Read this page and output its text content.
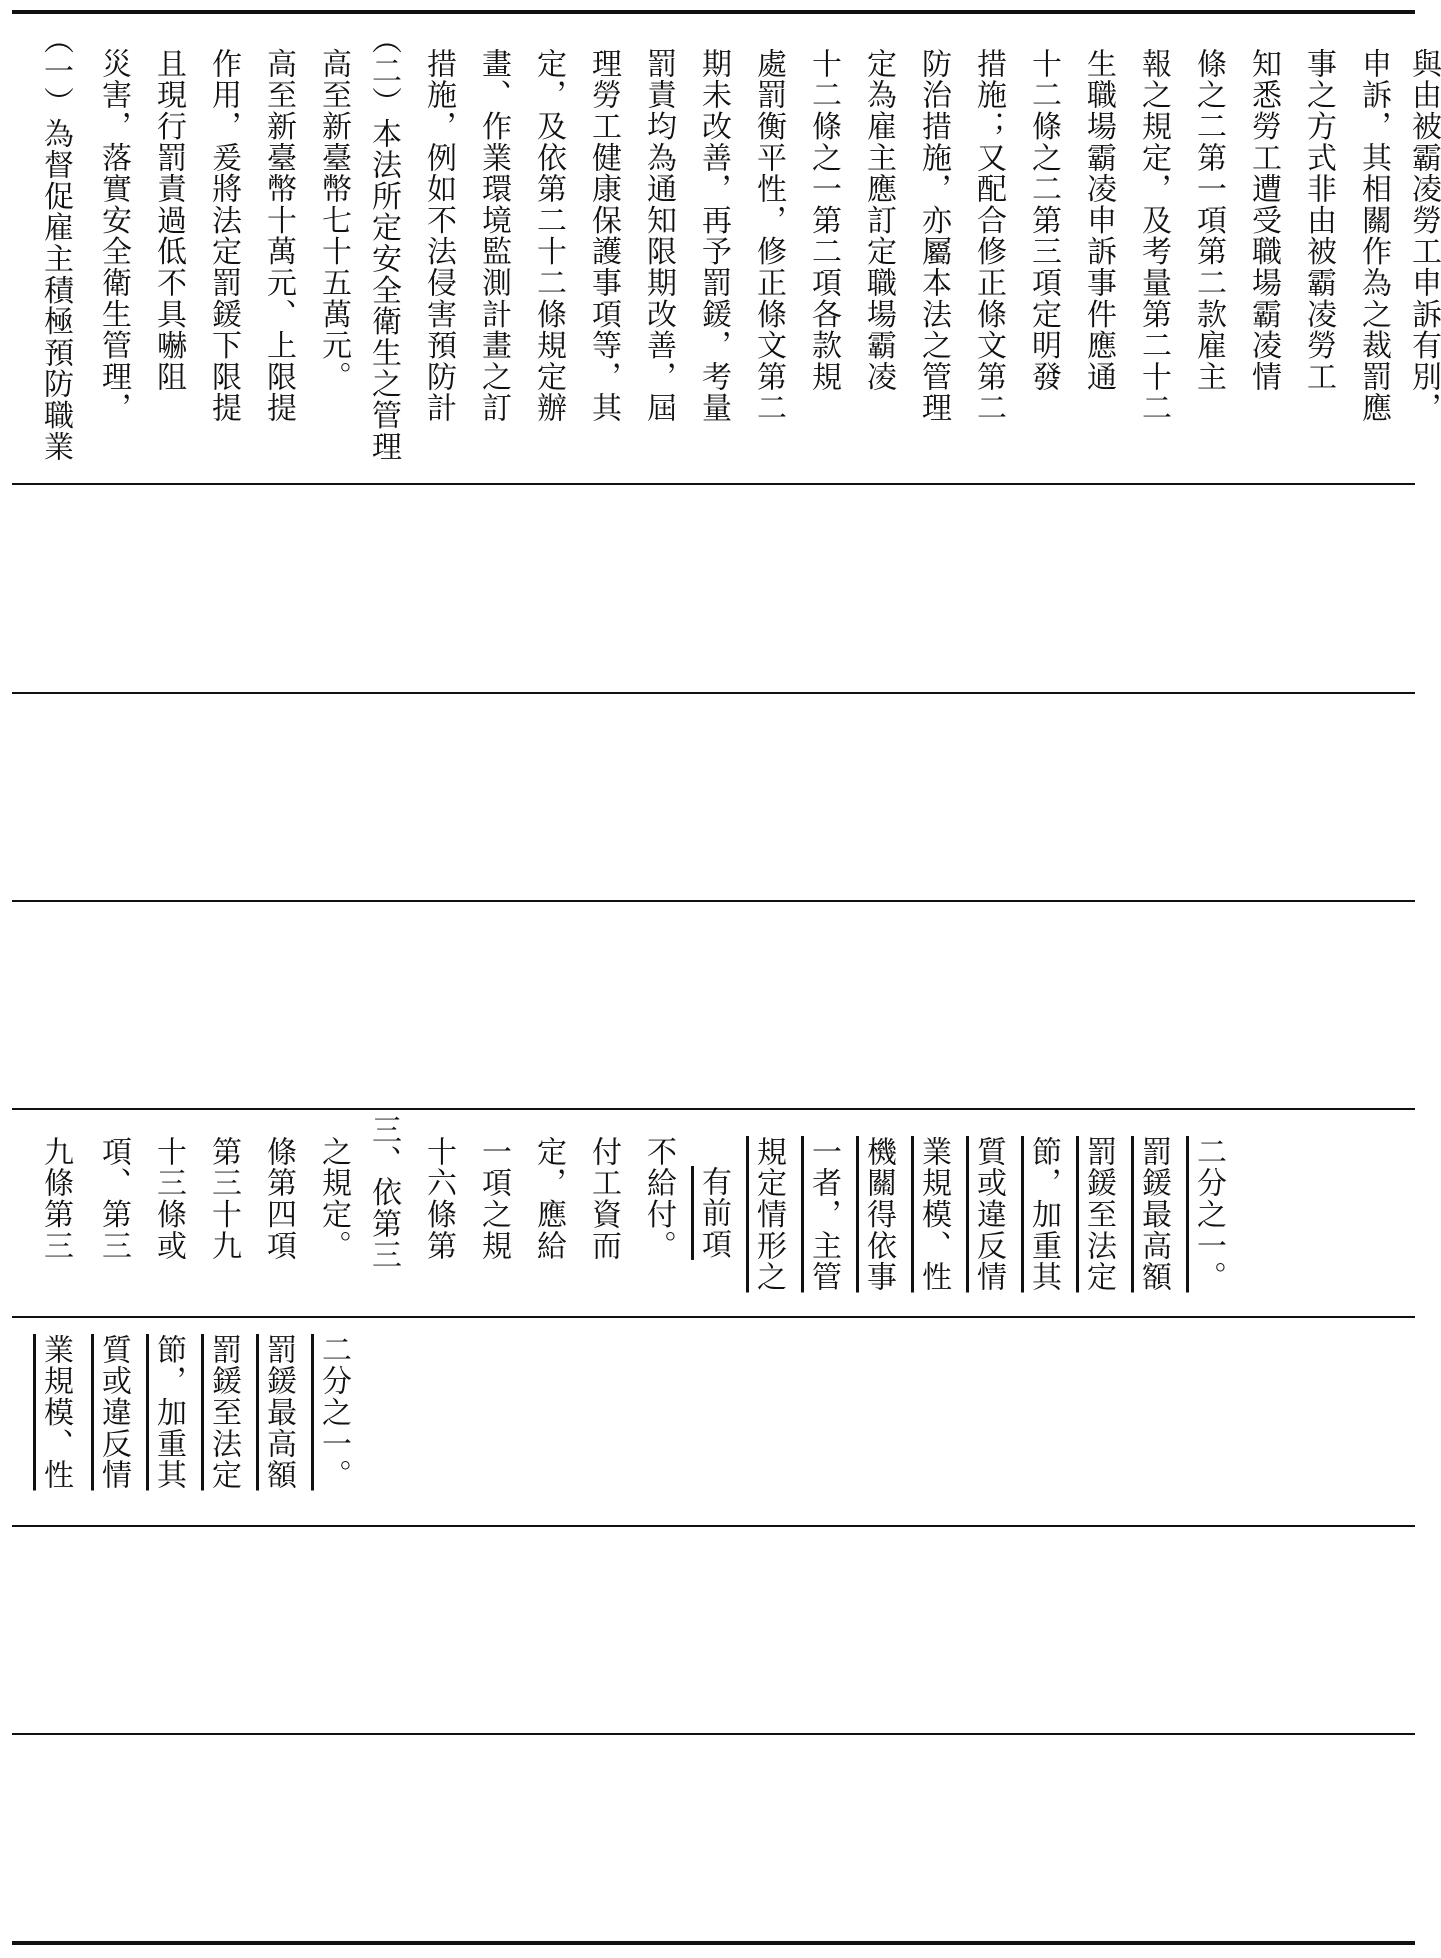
（一）為督促雇主積極預防職業 災害，落實安全衛生管理， 且現行罰責過低不具嚇阻 作用，爰將法定罰鍰下限提 高至新臺幣十萬元、上限提 高至新臺幣七十五萬元。 （二）本法所定安全衛生之管理 措施，例如不法侵害預防計 畫、作業環境監測計畫之訂 定，及依第二十二條規定辦 理勞工健康保護事項等，其 罰責均為通知限期改善，屆 期未改善，再予罰鍰，考量 處罰衡平性，修正條文第二 十二條之一第二項各款規 定為雇主應訂定職場霸凌 防治措施，亦屬本法之管理 措施；又配合修正條文第二 十二條之二第三項定明發 生職場霸凌申訴事件應通 報之規定，及考量第二十二 條之二第一項第二款雇主 知悉勞工遭受職場霸凌情 事之方式非由被霸凌勞工 申訴，其相關作為之裁罰應 與由被霸凌勞工申訴有別，
九條第三 項、第三 十三條或 第三十九 條第四項 之規定。 三、依第三 十六條第 一項之規 定，應給 付工資而 不給付。 有前項 規定情形之 一者，主管 機關得依事 業規模、性 質或違反情 節，加重其 罰鍰至法定 罰鍰最高額 二分之一。
業規模、性 質或違反情 節，加重其 罰鍰至法定 罰鍰最高額 二分之一。
